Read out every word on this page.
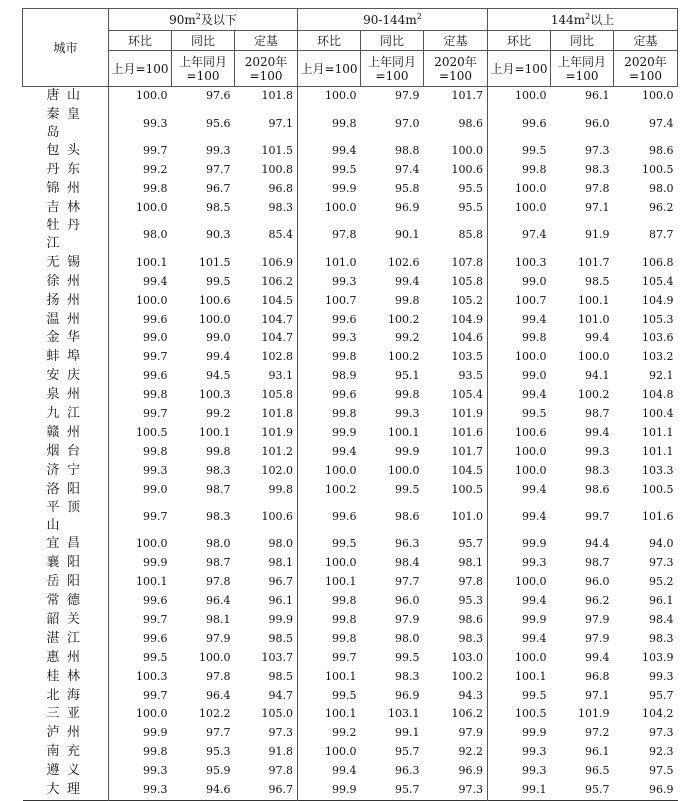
城市	$90m^2$及以下			$90-144m^2$			$144m^2$以上		
	环比	同比	定基	环比	同比	定基	环比	同比	定基
	上月=100	上年同月=100	2020年=100	上月=100	上年同月=100	2020年=100	上月=100	上年同月=100	2020年=100
唐山	100.0	97.6	101.8	100.0	97.9	101.7	100.0	96.1	100.0
秦皇岛	99.3	95.6	97.1	99.8	97.0	98.6	99.6	96.0	97.4
包头	99.7	99.3	101.5	99.4	98.8	100.0	99.5	97.3	98.6
丹东	99.2	97.7	100.8	99.5	97.4	100.6	99.8	98.3	100.5
锦州	99.8	96.7	96.8	99.9	95.8	95.5	100.0	97.8	98.0
吉林	100.0	98.5	98.3	100.0	96.9	95.5	100.0	97.1	96.2
牡丹江	98.0	90.3	85.4	97.8	90.1	85.8	97.4	91.9	87.7
无锡	100.1	101.5	106.9	101.0	102.6	107.8	100.3	101.7	106.8
徐州	99.4	99.5	106.2	99.3	99.4	105.8	99.0	98.5	105.4
扬州	100.0	100.6	104.5	100.7	99.8	105.2	100.7	100.1	104.9
温州	99.6	100.0	104.7	99.6	100.2	104.9	99.4	101.0	105.3
金华	99.0	99.0	104.7	99.3	99.2	104.6	99.8	99.4	103.6
蚌埠	99.7	99.4	102.8	99.8	100.2	103.5	100.0	100.0	103.2
安庆	99.6	94.5	93.1	98.9	95.1	93.5	99.0	94.1	92.1
泉州	99.8	100.3	105.8	99.6	99.8	105.4	99.4	100.2	104.8
九江	99.7	99.2	101.8	99.8	99.3	101.9	99.5	98.7	100.4
赣州	100.5	100.1	101.9	99.9	100.1	101.6	100.6	99.4	101.1
烟台	99.8	99.8	101.2	99.4	99.9	101.7	100.0	99.3	101.1
济宁	99.3	98.3	102.0	100.0	100.0	104.5	100.0	98.3	103.3
洛阳	99.0	98.7	99.8	100.2	99.5	100.5	99.4	98.6	100.5
平顶山	99.7	98.3	100.6	99.6	98.6	101.0	99.4	99.7	101.6
宜昌	100.0	98.0	98.0	99.5	96.3	95.7	99.9	94.4	94.0
襄阳	99.9	98.7	98.1	100.0	98.4	98.1	99.3	98.7	97.3
岳阳	100.1	97.8	96.7	100.1	97.7	97.8	100.0	96.0	95.2
常德	99.6	96.4	96.1	99.8	96.0	95.3	99.4	96.2	96.1
韶关	99.7	98.1	99.9	99.8	97.9	98.6	99.9	97.9	98.4
湛江	99.6	97.9	98.5	99.8	98.0	98.3	99.4	97.9	98.3
惠州	99.5	100.0	103.7	99.7	99.5	103.0	100.0	99.4	103.9
桂林	100.3	97.8	98.5	100.1	98.3	100.2	100.1	96.8	99.3
北海	99.7	96.4	94.7	99.5	96.9	94.3	99.5	97.1	95.7
三亚	100.0	102.2	105.0	100.1	103.1	106.2	100.5	101.9	104.2
泸州	99.9	97.7	97.3	99.2	99.1	97.9	99.9	97.2	97.3
南充	99.8	95.3	91.8	100.0	95.7	92.2	99.3	96.1	92.3
遵义	99.3	95.9	97.8	99.4	96.3	96.9	99.3	96.5	97.5
大理	99.3	94.6	96.7	99.9	95.7	97.3	99.1	95.7	96.9
